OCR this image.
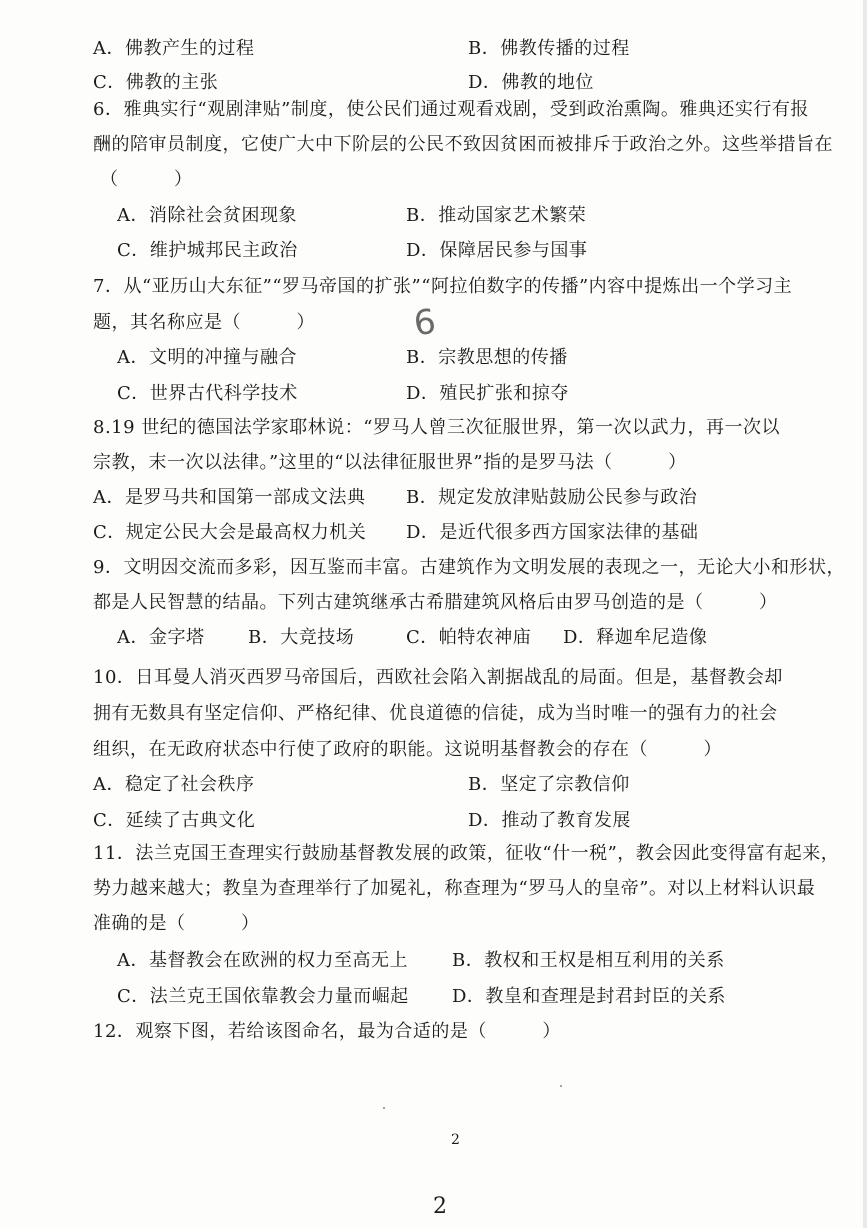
A．佛教产生的过程	B．佛教传播的过程
C．佛教的主张	D．佛教的地位
6．雅典实行“观剧津贴”制度，使公民们通过观看戏剧，受到政治熏陶。雅典还实行有报
酬的陪审员制度，它使广大中下阶层的公民不致因贫困而被排斥于政治之外。这些举措旨在
（　　　）
A．消除社会贫困现象	B．推动国家艺术繁荣
C．维护城邦民主政治	D．保障居民参与国事
7．从“亚历山大东征”“罗马帝国的扩张”“阿拉伯数字的传播”内容中提炼出一个学习主
题，其名称应是（　　　）	6
A．文明的冲撞与融合	B．宗教思想的传播
C．世界古代科学技术	D．殖民扩张和掠夺
8.19 世纪的德国法学家耶林说：“罗马人曾三次征服世界，第一次以武力，再一次以
宗教，末一次以法律。”这里的“以法律征服世界”指的是罗马法（　　　）
A．是罗马共和国第一部成文法典 B．规定发放津贴鼓励公民参与政治
C．规定公民大会是最高权力机关 D．是近代很多西方国家法律的基础
9．文明因交流而多彩，因互鉴而丰富。古建筑作为文明发展的表现之一，无论大小和形状，
都是人民智慧的结晶。下列古建筑继承古希腊建筑风格后由罗马创造的是（　　　）
A．金字塔 B．大竞技场	C．帕特农神庙 D．释迦牟尼造像
10．日耳曼人消灭西罗马帝国后，西欧社会陷入割据战乱的局面。但是，基督教会却
拥有无数具有坚定信仰、严格纪律、优良道德的信徒，成为当时唯一的强有力的社会
组织，在无政府状态中行使了政府的职能。这说明基督教会的存在（　　　）
A．稳定了社会秩序	B．坚定了宗教信仰
C．延续了古典文化	D．推动了教育发展
11．法兰克国王查理实行鼓励基督教发展的政策，征收“什一税”，教会因此变得富有起来，
势力越来越大；教皇为查理举行了加冕礼，称查理为“罗马人的皇帝”。对以上材料认识最
准确的是（　　　）
A．基督教会在欧洲的权力至高无上 B．教权和王权是相互利用的关系
C．法兰克王国依靠教会力量而崛起 D．教皇和查理是封君封臣的关系
12．观察下图，若给该图命名，最为合适的是（　　　）
2
2
